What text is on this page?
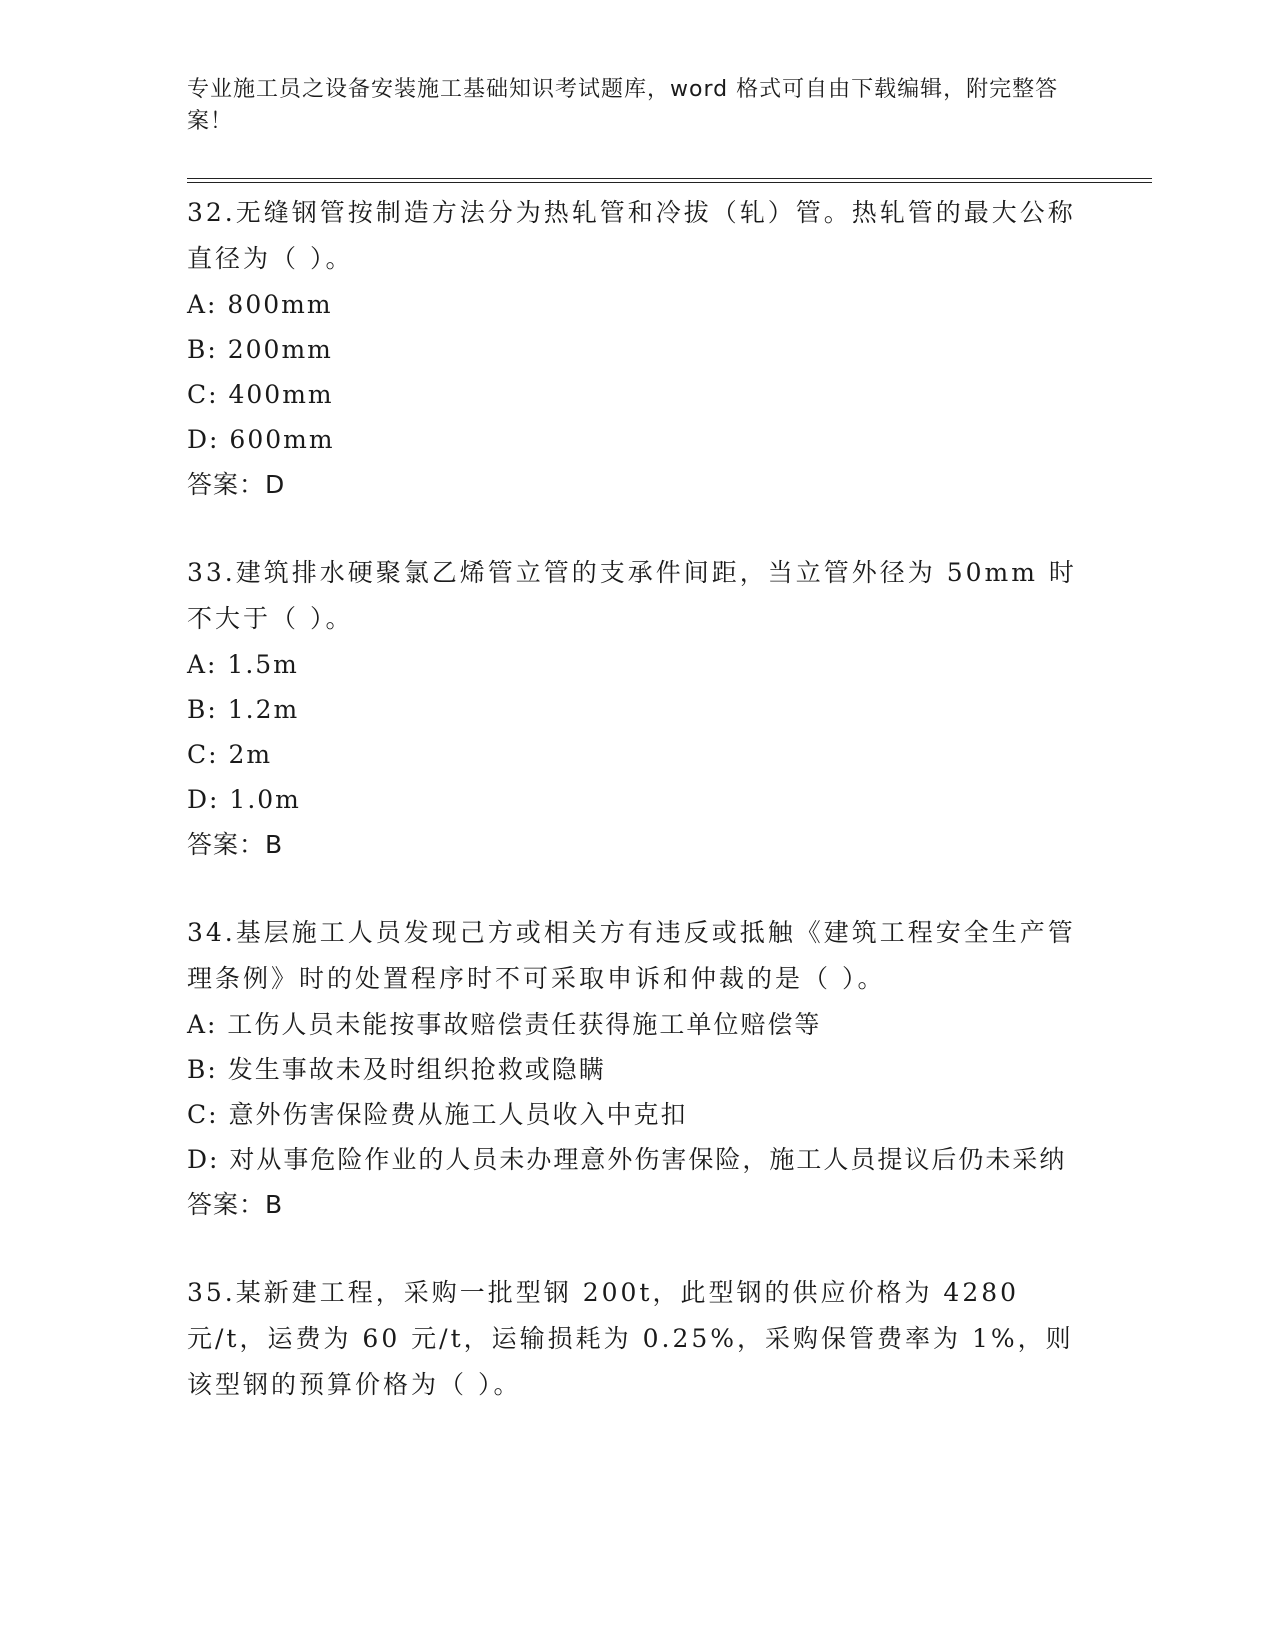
专业施工员之设备安装施工基础知识考试题库，word 格式可自由下载编辑，附完整答案！
32.无缝钢管按制造方法分为热轧管和冷拔（轧）管。热轧管的最大公称直径为（ ）。
A: 800mm
B: 200mm
C: 400mm
D: 600mm
答案：D
33.建筑排水硬聚氯乙烯管立管的支承件间距，当立管外径为 50mm 时不大于（ ）。
A: 1.5m
B: 1.2m
C: 2m
D: 1.0m
答案：B
34.基层施工人员发现己方或相关方有违反或抵触《建筑工程安全生产管理条例》时的处置程序时不可采取申诉和仲裁的是（ ）。
A: 工伤人员未能按事故赔偿责任获得施工单位赔偿等
B: 发生事故未及时组织抢救或隐瞒
C: 意外伤害保险费从施工人员收入中克扣
D: 对从事危险作业的人员未办理意外伤害保险，施工人员提议后仍未采纳
答案：B
35.某新建工程，采购一批型钢 200t，此型钢的供应价格为 4280 元/t，运费为 60 元/t，运输损耗为 0.25%，采购保管费率为 1%，则该型钢的预算价格为（ ）。
